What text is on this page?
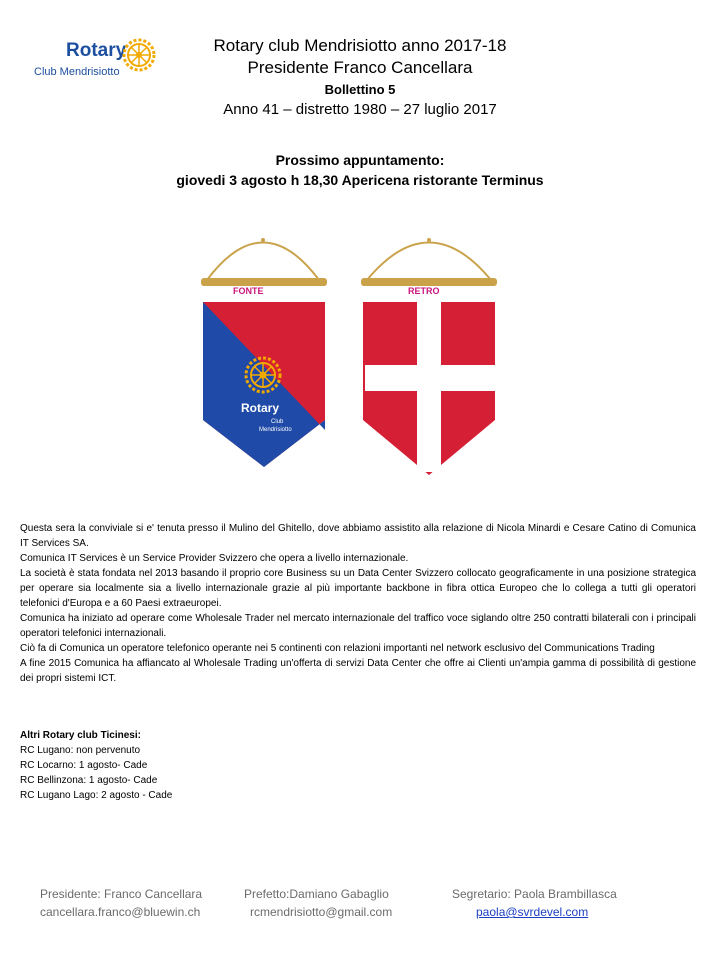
Rotary
Club Mendrisiotto
Rotary club Mendrisiotto anno 2017-18
Presidente Franco Cancellara
Bollettino 5
Anno 41 – distretto 1980 – 27 luglio 2017
Prossimo appuntamento:
giovedi 3 agosto h 18,30 Apericena ristorante Terminus
FONTE
Rotary
Club
Mendrisiotto
RETRO

Questa sera la conviviale si e' tenuta presso il Mulino del Ghitello, dove abbiamo assistito alla relazione di Nicola Minardi e Cesare Catino di Comunica IT Services SA.

Comunica IT Services è un Service Provider Svizzero che opera a livello internazionale.

La società è stata fondata nel 2013 basando il proprio core Business su un Data Center Svizzero collocato geograficamente in una posizione strategica per operare sia localmente sia a livello internazionale grazie al più importante backbone in fibra ottica Europeo che lo collega a tutti gli operatori telefonici d'Europa e a 60 Paesi extraeuropei.

Comunica ha iniziato ad operare come Wholesale Trader nel mercato internazionale del traffico voce siglando oltre 250 contratti bilaterali con i principali operatori telefonici internazionali.

Ciò fa di Comunica un operatore telefonico operante nei 5 continenti con relazioni importanti nel network esclusivo del Communications Trading

A fine 2015 Comunica ha affiancato al Wholesale Trading un'offerta di servizi Data Center che offre ai Clienti un'ampia gamma di possibilità di gestione dei propri sistemi ICT.

Altri Rotary club Ticinesi:

RC Lugano: non pervenuto

RC Locarno: 1 agosto- Cade

RC Bellinzona: 1 agosto- Cade

RC Lugano Lago: 2 agosto - Cade

Presidente: Franco Cancellara

cancellara.franco@bluewin.ch

Prefetto:Damiano Gabaglio

rcmendrisiotto@gmail.com

Segretario: Paola Brambillasca

paola@svrdevel.com
